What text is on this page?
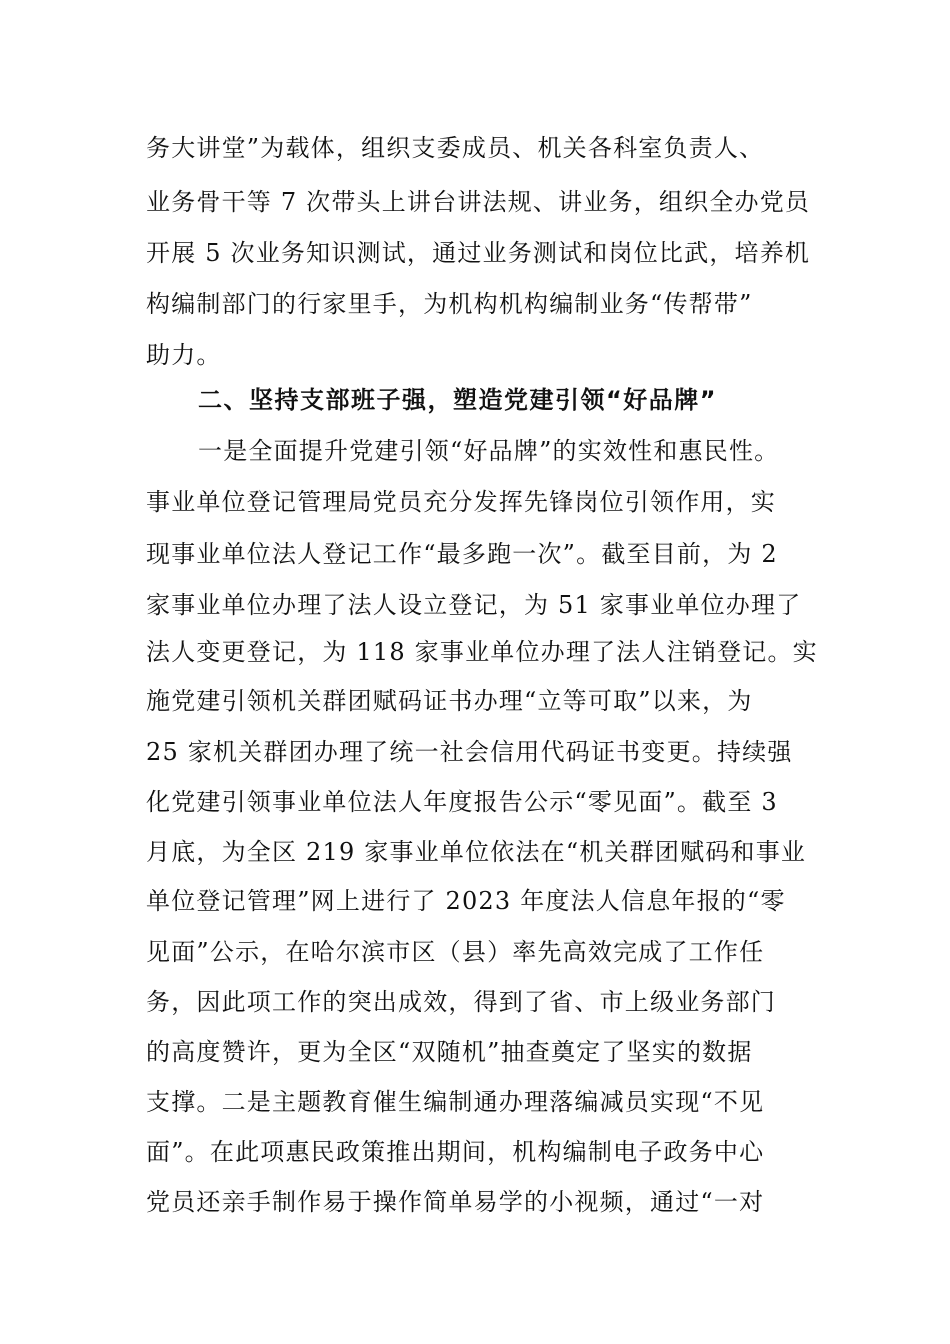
务大讲堂”为载体，组织支委成员、机关各科室负责人、
业务骨干等 7 次带头上讲台讲法规、讲业务，组织全办党员
开展 5 次业务知识测试，通过业务测试和岗位比武，培养机
构编制部门的行家里手，为机构机构编制业务“传帮带”
助力。
二、坚持支部班子强，塑造党建引领“好品牌”
一是全面提升党建引领“好品牌”的实效性和惠民性。
事业单位登记管理局党员充分发挥先锋岗位引领作用，实
现事业单位法人登记工作“最多跑一次”。截至目前，为 2
家事业单位办理了法人设立登记，为 51 家事业单位办理了
法人变更登记，为 118 家事业单位办理了法人注销登记。实
施党建引领机关群团赋码证书办理“立等可取”以来，为
25 家机关群团办理了统一社会信用代码证书变更。持续强
化党建引领事业单位法人年度报告公示“零见面”。截至 3
月底，为全区 219 家事业单位依法在“机关群团赋码和事业
单位登记管理”网上进行了 2023 年度法人信息年报的“零
见面”公示，在哈尔滨市区（县）率先高效完成了工作任
务，因此项工作的突出成效，得到了省、市上级业务部门
的高度赞许，更为全区“双随机”抽查奠定了坚实的数据
支撑。二是主题教育催生编制通办理落编减员实现“不见
面”。在此项惠民政策推出期间，机构编制电子政务中心
党员还亲手制作易于操作简单易学的小视频，通过“一对
